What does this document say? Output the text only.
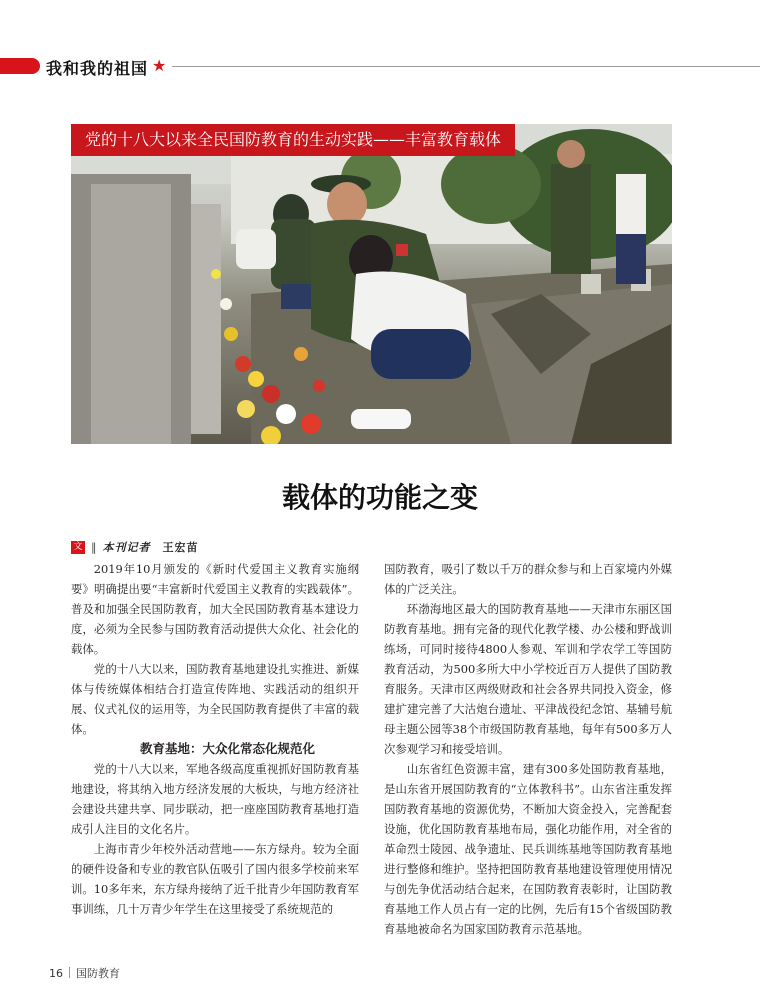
我和我的祖国 ★
党的十八大以来全民国防教育的生动实践——丰富教育载体
载体的功能之变
文 ‖ 本刊记者 王宏苗

2019年10月颁发的《新时代爱国主义教育实施纲要》明确提出要“丰富新时代爱国主义教育的实践载体”。普及和加强全民国防教育，加大全民国防教育基本建设力度，必须为全民参与国防教育活动提供大众化、社会化的载体。

党的十八大以来，国防教育基地建设扎实推进、新媒体与传统媒体相结合打造宣传阵地、实践活动的组织开展、仪式礼仪的运用等，为全民国防教育提供了丰富的载体。

教育基地：大众化常态化规范化

党的十八大以来，军地各级高度重视抓好国防教育基地建设，将其纳入地方经济发展的大板块，与地方经济社会建设共建共享、同步联动，把一座座国防教育基地打造成引人注目的文化名片。

上海市青少年校外活动营地——东方绿舟。较为全面的硬件设备和专业的教官队伍吸引了国内很多学校前来军训。10多年来，东方绿舟接纳了近千批青少年国防教育军事训练，几十万青少年学生在这里接受了系统规范的

国防教育，吸引了数以千万的群众参与和上百家境内外媒体的广泛关注。

环渤海地区最大的国防教育基地——天津市东丽区国防教育基地。拥有完备的现代化教学楼、办公楼和野战训练场，可同时接待4800人参观、军训和学农学工等国防教育活动，为500多所大中小学校近百万人提供了国防教育服务。天津市区两级财政和社会各界共同投入资金，修建扩建完善了大沽炮台遗址、平津战役纪念馆、基辅号航母主题公园等38个市级国防教育基地，每年有500多万人次参观学习和接受培训。

山东省红色资源丰富，建有300多处国防教育基地，是山东省开展国防教育的“立体教科书”。山东省注重发挥国防教育基地的资源优势，不断加大资金投入，完善配套设施，优化国防教育基地布局，强化功能作用，对全省的革命烈士陵园、战争遗址、民兵训练基地等国防教育基地进行整修和维护。坚持把国防教育基地建设管理使用情况与创先争优活动结合起来，在国防教育表彰时，让国防教育基地工作人员占有一定的比例，先后有15个省级国防教育基地被命名为国家国防教育示范基地。

16 国防教育
